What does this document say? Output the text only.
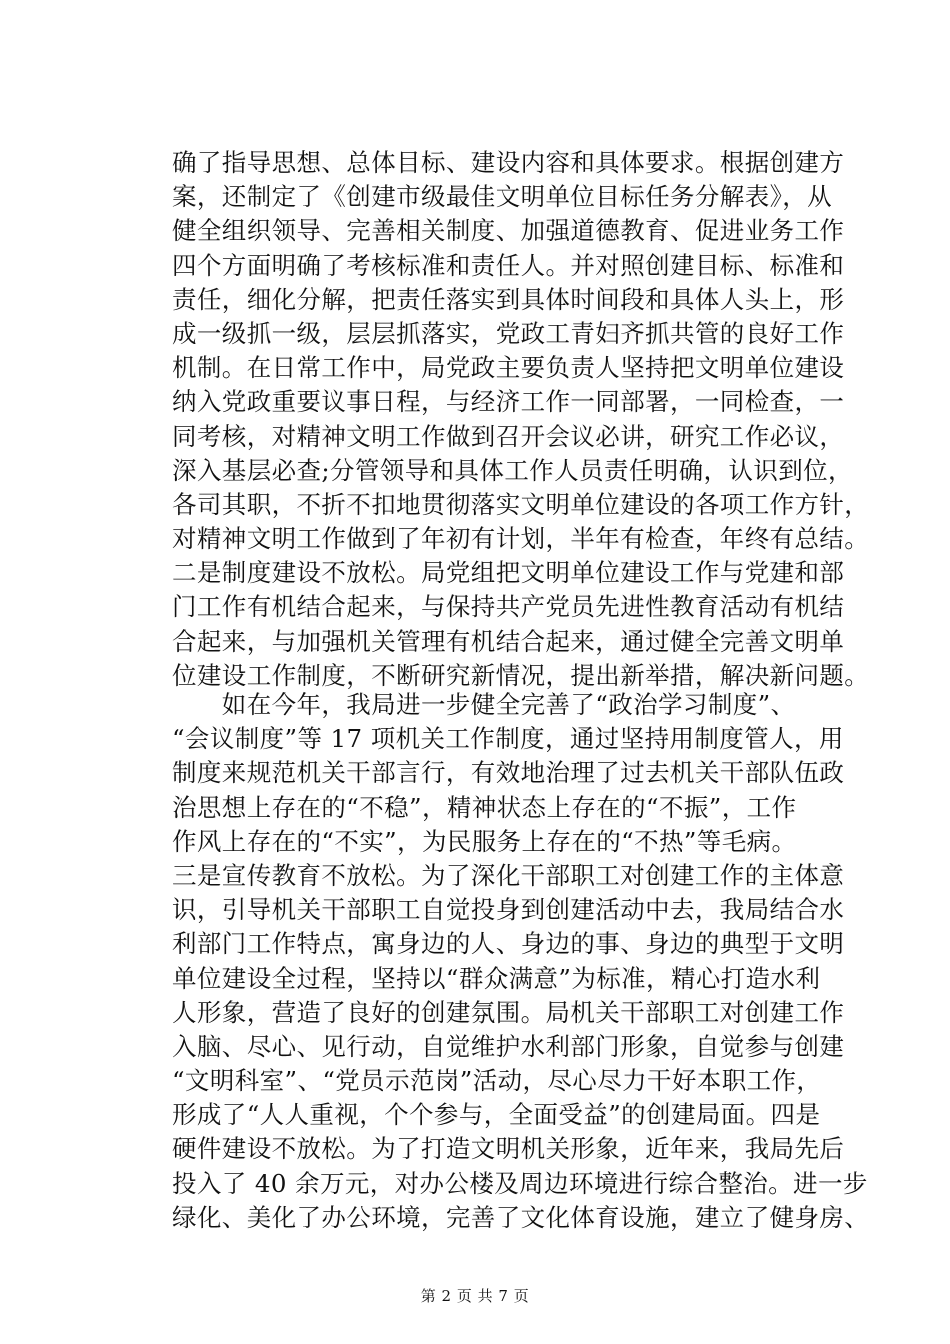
确了指导思想、总体目标、建设内容和具体要求。根据创建方
案，还制定了《创建市级最佳文明单位目标任务分解表》，从
健全组织领导、完善相关制度、加强道德教育、促进业务工作
四个方面明确了考核标准和责任人。并对照创建目标、标准和
责任，细化分解，把责任落实到具体时间段和具体人头上，形
成一级抓一级，层层抓落实，党政工青妇齐抓共管的良好工作
机制。在日常工作中，局党政主要负责人坚持把文明单位建设
纳入党政重要议事日程，与经济工作一同部署，一同检查，一
同考核，对精神文明工作做到召开会议必讲，研究工作必议，
深入基层必查;分管领导和具体工作人员责任明确，认识到位，
各司其职，不折不扣地贯彻落实文明单位建设的各项工作方针，
对精神文明工作做到了年初有计划，半年有检查，年终有总结。
二是制度建设不放松。局党组把文明单位建设工作与党建和部
门工作有机结合起来，与保持共产党员先进性教育活动有机结
合起来，与加强机关管理有机结合起来，通过健全完善文明单
位建设工作制度，不断研究新情况，提出新举措，解决新问题。
　　如在今年，我局进一步健全完善了“政治学习制度”、
“会议制度”等 17 项机关工作制度，通过坚持用制度管人，用
制度来规范机关干部言行，有效地治理了过去机关干部队伍政
治思想上存在的“不稳”，精神状态上存在的“不振”，工作
作风上存在的“不实”，为民服务上存在的“不热”等毛病。
三是宣传教育不放松。为了深化干部职工对创建工作的主体意
识，引导机关干部职工自觉投身到创建活动中去，我局结合水
利部门工作特点，寓身边的人、身边的事、身边的典型于文明
单位建设全过程，坚持以“群众满意”为标准，精心打造水利
人形象，营造了良好的创建氛围。局机关干部职工对创建工作
入脑、尽心、见行动，自觉维护水利部门形象，自觉参与创建
“文明科室”、“党员示范岗”活动，尽心尽力干好本职工作，
形成了“人人重视，个个参与，全面受益”的创建局面。四是
硬件建设不放松。为了打造文明机关形象，近年来，我局先后
投入了 40 余万元，对办公楼及周边环境进行综合整治。进一步
绿化、美化了办公环境，完善了文化体育设施，建立了健身房、
第 2 页 共 7 页
